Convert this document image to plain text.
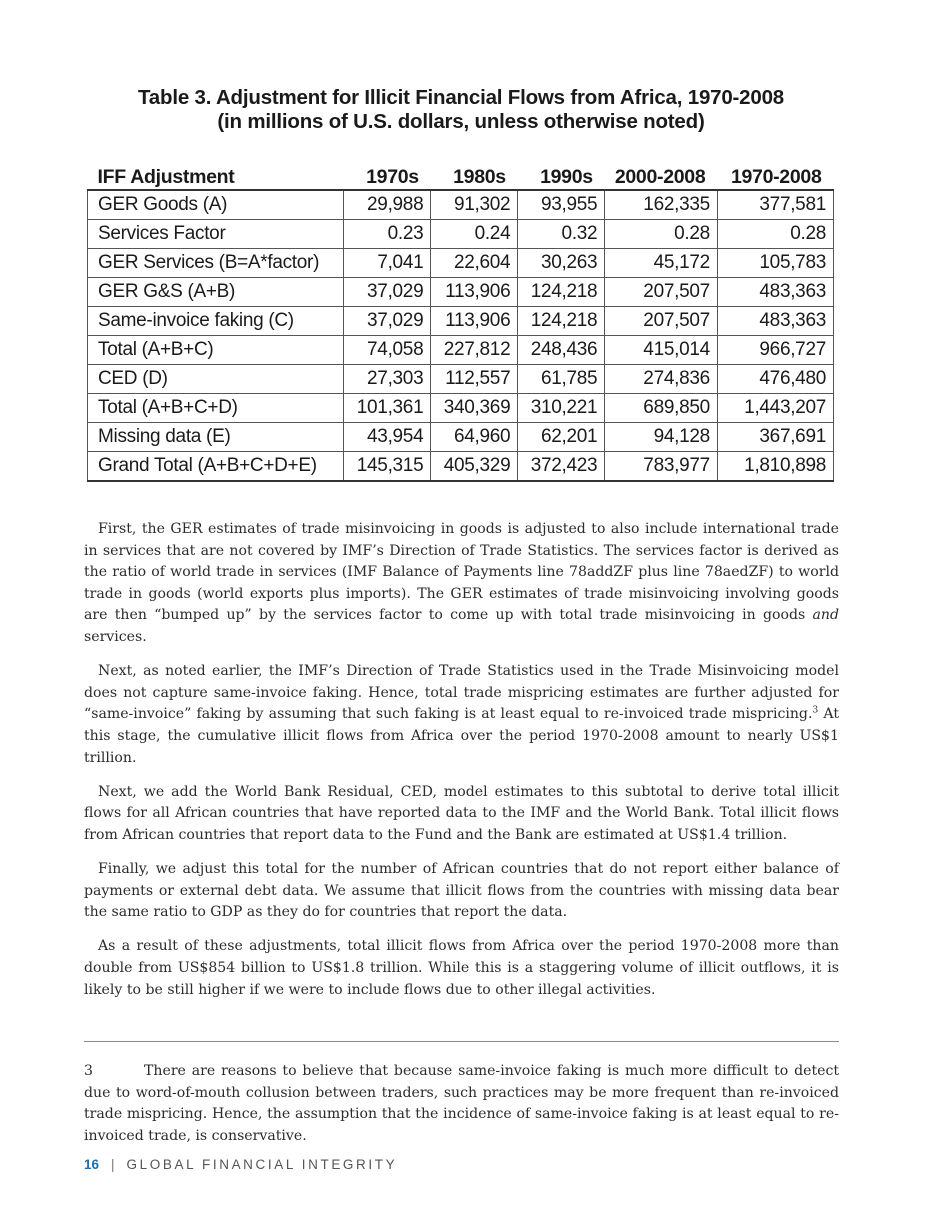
Table 3. Adjustment for Illicit Financial Flows from Africa, 1970-2008
(in millions of U.S. dollars, unless otherwise noted)
IFF Adjustment	1970s	1980s	1990s	2000-2008	1970-2008
GER Goods (A)	29,988	91,302	93,955	162,335	377,581
Services Factor	0.23	0.24	0.32	0.28	0.28
GER Services (B=A*factor)	7,041	22,604	30,263	45,172	105,783
GER G&S (A+B)	37,029	113,906	124,218	207,507	483,363
Same-invoice faking (C)	37,029	113,906	124,218	207,507	483,363
Total (A+B+C)	74,058	227,812	248,436	415,014	966,727
CED (D)	27,303	112,557	61,785	274,836	476,480
Total (A+B+C+D)	101,361	340,369	310,221	689,850	1,443,207
Missing data (E)	43,954	64,960	62,201	94,128	367,691
Grand Total (A+B+C+D+E)	145,315	405,329	372,423	783,977	1,810,898

First, the GER estimates of trade misinvoicing in goods is adjusted to also include international trade in services that are not covered by IMF’s Direction of Trade Statistics. The services factor is derived as the ratio of world trade in services (IMF Balance of Payments line 78addZF plus line 78aedZF) to world trade in goods (world exports plus imports). The GER estimates of trade misinvoicing involving goods are then “bumped up” by the services factor to come up with total trade misinvoicing in goods and services.

Next, as noted earlier, the IMF’s Direction of Trade Statistics used in the Trade Misinvoicing model does not capture same-invoice faking. Hence, total trade mispricing estimates are further adjusted for “same-invoice” faking by assuming that such faking is at least equal to re-invoiced trade mispricing.$^3$ At this stage, the cumulative illicit flows from Africa over the period 1970-2008 amount to nearly US$1 trillion.

Next, we add the World Bank Residual, CED, model estimates to this subtotal to derive total illicit flows for all African countries that have reported data to the IMF and the World Bank. Total illicit flows from African countries that report data to the Fund and the Bank are estimated at US$1.4 trillion.

Finally, we adjust this total for the number of African countries that do not report either balance of payments or external debt data. We assume that illicit flows from the countries with missing data bear the same ratio to GDP as they do for countries that report the data.

As a result of these adjustments, total illicit flows from Africa over the period 1970-2008 more than double from US$854 billion to US$1.8 trillion. While this is a staggering volume of illicit outflows, it is likely to be still higher if we were to include flows due to other illegal activities.

3	There are reasons to believe that because same-invoice faking is much more difficult to detect due to word-of-mouth collusion between traders, such practices may be more frequent than re-invoiced trade mispricing. Hence, the assumption that the incidence of same-invoice faking is at least equal to re-invoiced trade, is conservative.
16 | GLOBAL FINANCIAL INTEGRITY
